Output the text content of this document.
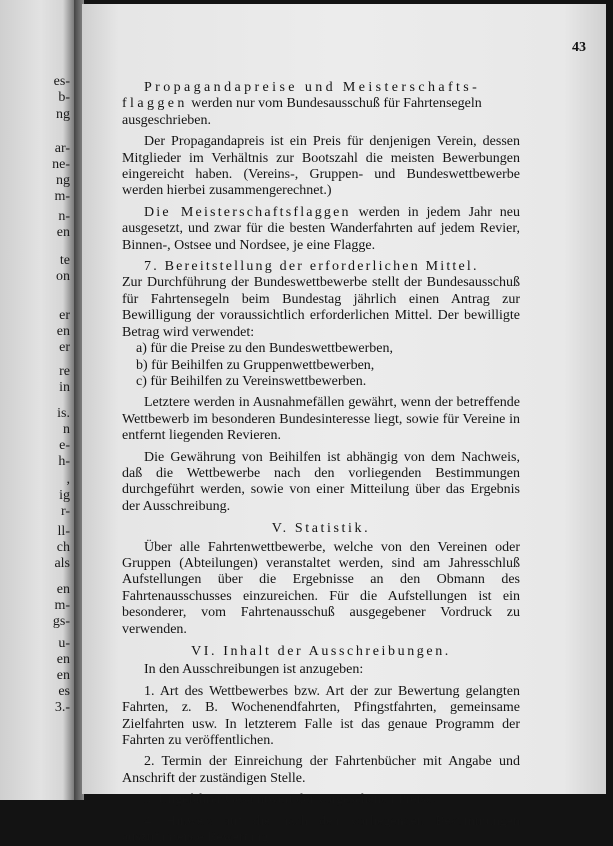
es-
b-
ng
ar-
ne-
ng
m-
n-
en
te
on
er
en
er
re
in
is.
n
e-
h-
,
ig
r-
ll-
ch
als
en
m-
gs-
u-
en
en
es
3.-
43

Propagandapreise und Meisterschafts-
flaggen werden nur vom Bundesausschuß für Fahrtensegeln ausgeschrieben.

Der Propagandapreis ist ein Preis für denjenigen Verein, dessen Mitglieder im Verhältnis zur Bootszahl die meisten Bewerbungen eingereicht haben. (Vereins-, Gruppen- und Bundeswettbewerbe werden hierbei zusammengerechnet.)

Die Meisterschaftsflaggen werden in jedem Jahr neu ausgesetzt, und zwar für die besten Wanderfahrten auf jedem Revier, Binnen-, Ostsee und Nordsee, je eine Flagge.

7. Bereitstellung der erforderlichen Mittel.

Zur Durchführung der Bundeswettbewerbe stellt der Bundesausschuß für Fahrtensegeln beim Bundestag jährlich einen Antrag zur Bewilligung der voraussichtlich erforderlichen Mittel. Der bewilligte Betrag wird verwendet:

a) für die Preise zu den Bundeswettbewerben,
b) für Beihilfen zu Gruppenwettbewerben,
c) für Beihilfen zu Vereinswettbewerben.

Letztere werden in Ausnahmefällen gewährt, wenn der betreffende Wettbewerb im besonderen Bundesinteresse liegt, sowie für Vereine in entfernt liegenden Revieren.

Die Gewährung von Beihilfen ist abhängig von dem Nachweis, daß die Wettbewerbe nach den vorliegenden Bestimmungen durchgeführt werden, sowie von einer Mitteilung über das Ergebnis der Ausschreibung.

V. Statistik.

Über alle Fahrtenwettbewerbe, welche von den Vereinen oder Gruppen (Abteilungen) veranstaltet werden, sind am Jahresschluß Aufstellungen über die Ergebnisse an den Obmann des Fahrtenausschusses einzureichen. Für die Aufstellungen ist ein besonderer, vom Fahrtenausschuß ausgegebener Vordruck zu verwenden.

VI. Inhalt der Ausschreibungen.

In den Ausschreibungen ist anzugeben:

1. Art des Wettbewerbes bzw. Art der zur Bewertung gelangten Fahrten, z. B. Wochenendfahrten, Pfingstfahrten, gemeinsame Zielfahrten usw. In letzterem Falle ist das genaue Programm der Fahrten zu veröffentlichen.

2. Termin der Einreichung der Fahrtenbücher mit Angabe und Anschrift der zuständigen Stelle.

3. Ungefährer Gesamtwert der vorgesehenen Preise.

4. Hinweis auf die nach den vorliegenden Bestimmungen auszuführende Bewertung.
